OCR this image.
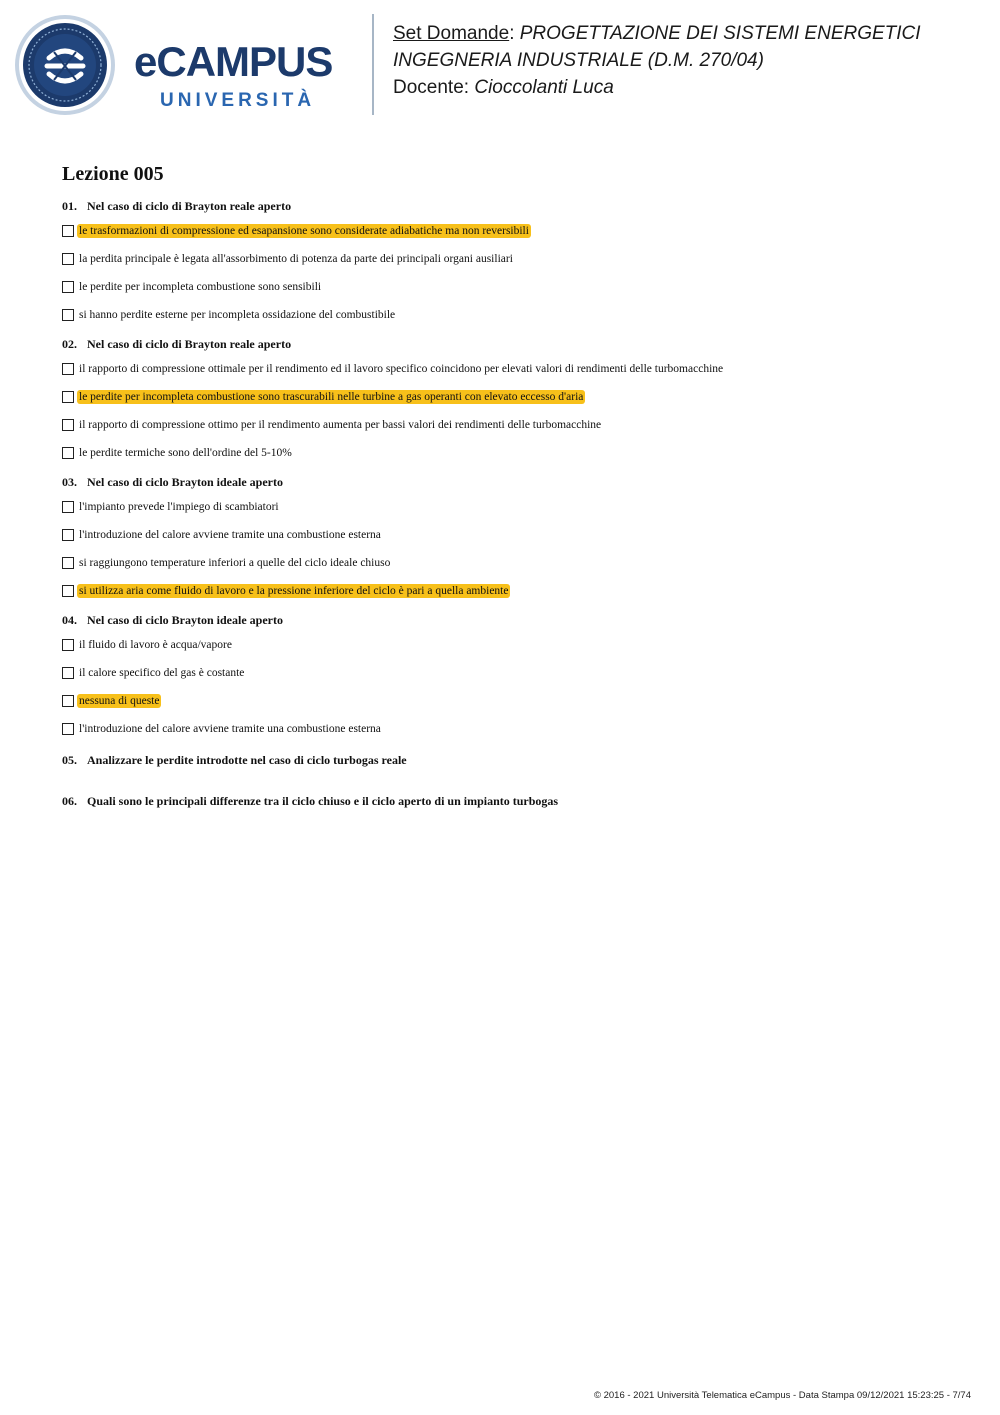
eCAMPUS
UNIVERSITÀ
Set Domande: PROGETTAZIONE DEI SISTEMI ENERGETICI
INGEGNERIA INDUSTRIALE (D.M. 270/04)
Docente: Cioccolanti Luca
Lezione 005
01. Nel caso di ciclo di Brayton reale aperto
le trasformazioni di compressione ed esapansione sono considerate adiabatiche ma non reversibili
la perdita principale è legata all'assorbimento di potenza da parte dei principali organi ausiliari
le perdite per incompleta combustione sono sensibili
si hanno perdite esterne per incompleta ossidazione del combustibile
02. Nel caso di ciclo di Brayton reale aperto
il rapporto di compressione ottimale per il rendimento ed il lavoro specifico coincidono per elevati valori di rendimenti delle turbomacchine
le perdite per incompleta combustione sono trascurabili nelle turbine a gas operanti con elevato eccesso d'aria
il rapporto di compressione ottimo per il rendimento aumenta per bassi valori dei rendimenti delle turbomacchine
le perdite termiche sono dell'ordine del 5-10%
03. Nel caso di ciclo Brayton ideale aperto
l'impianto prevede l'impiego di scambiatori
l'introduzione del calore avviene tramite una combustione esterna
si raggiungono temperature inferiori a quelle del ciclo ideale chiuso
si utilizza aria come fluido di lavoro e la pressione inferiore del ciclo è pari a quella ambiente
04. Nel caso di ciclo Brayton ideale aperto
il fluido di lavoro è acqua/vapore
il calore specifico del gas è costante
nessuna di queste
l'introduzione del calore avviene tramite una combustione esterna
05. Analizzare le perdite introdotte nel caso di ciclo turbogas reale
06. Quali sono le principali differenze tra il ciclo chiuso e il ciclo aperto di un impianto turbogas
© 2016 - 2021 Università Telematica eCampus - Data Stampa 09/12/2021 15:23:25 - 7/74
